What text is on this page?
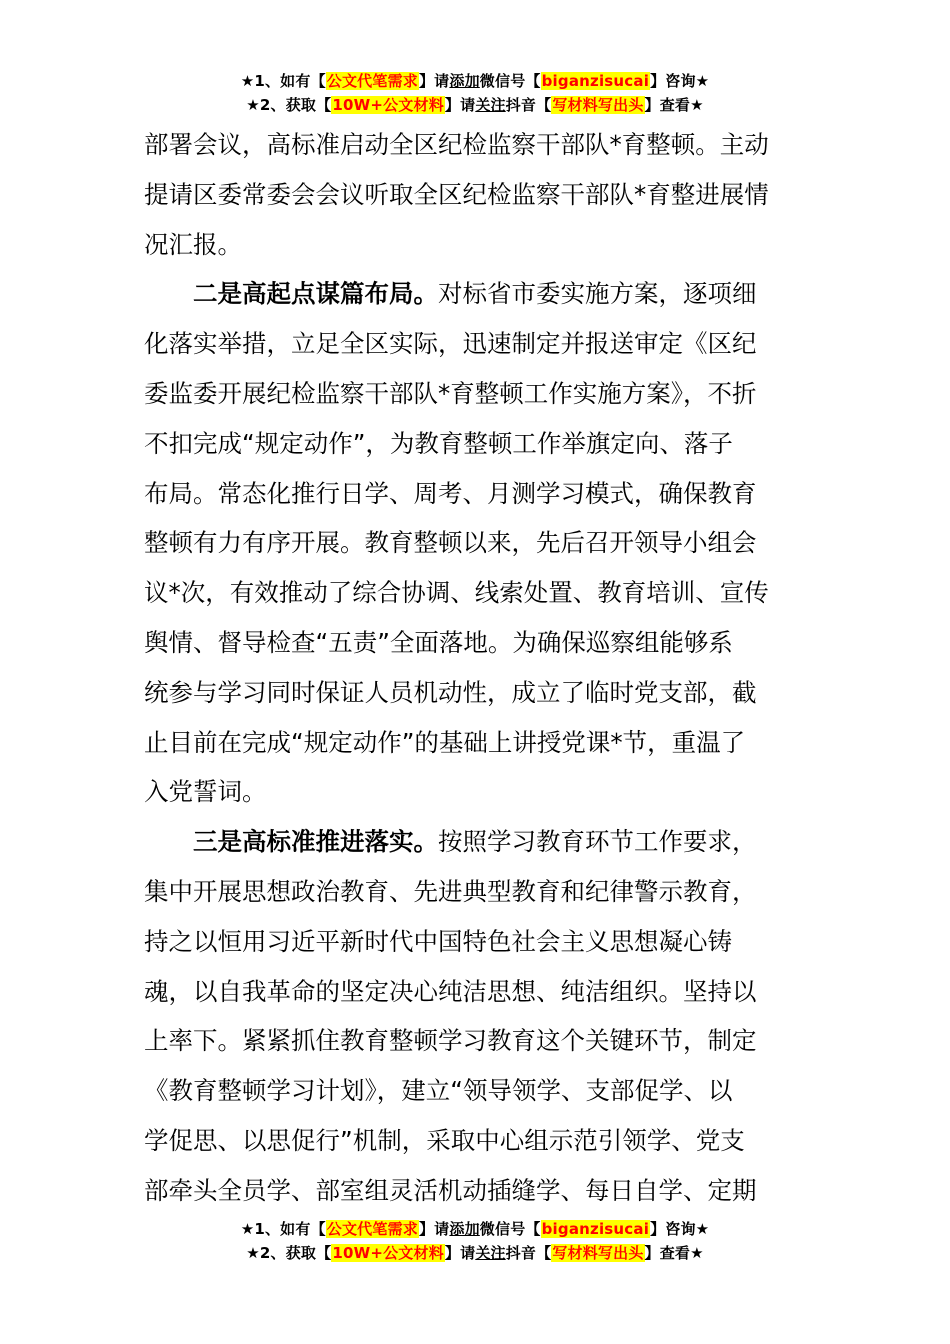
★1、如有【公文代笔需求】请添加微信号【biganzisucai】咨询★
★2、获取【10W+公文材料】请关注抖音【写材料写出头】查看★

部署会议，高标准启动全区纪检监察干部队*育整顿。主动
提请区委常委会会议听取全区纪检监察干部队*育整进展情
况汇报。

二是高起点谋篇布局。对标省市委实施方案，逐项细
化落实举措，立足全区实际，迅速制定并报送审定《区纪
委监委开展纪检监察干部队*育整顿工作实施方案》，不折
不扣完成“规定动作”，为教育整顿工作举旗定向、落子
布局。常态化推行日学、周考、月测学习模式，确保教育
整顿有力有序开展。教育整顿以来，先后召开领导小组会
议*次，有效推动了综合协调、线索处置、教育培训、宣传
舆情、督导检查“五责”全面落地。为确保巡察组能够系
统参与学习同时保证人员机动性，成立了临时党支部，截
止目前在完成“规定动作”的基础上讲授党课*节，重温了
入党誓词。

三是高标准推进落实。按照学习教育环节工作要求，
集中开展思想政治教育、先进典型教育和纪律警示教育，
持之以恒用习近平新时代中国特色社会主义思想凝心铸
魂，以自我革命的坚定决心纯洁思想、纯洁组织。坚持以
上率下。紧紧抓住教育整顿学习教育这个关键环节，制定
《教育整顿学习计划》，建立“领导领学、支部促学、以
学促思、以思促行”机制，采取中心组示范引领学、党支
部牵头全员学、部室组灵活机动插缝学、每日自学、定期

★1、如有【公文代笔需求】请添加微信号【biganzisucai】咨询★
★2、获取【10W+公文材料】请关注抖音【写材料写出头】查看★
